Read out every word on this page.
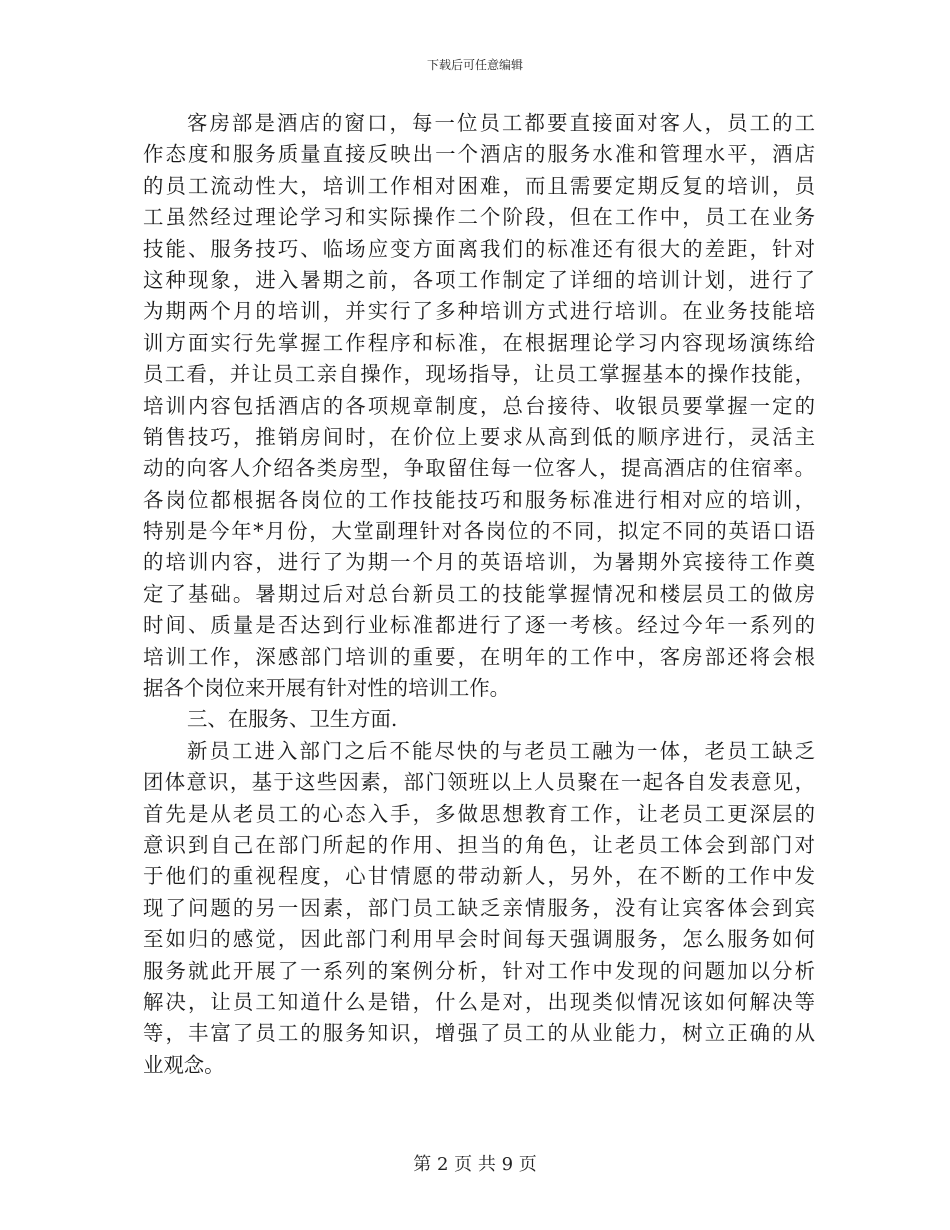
下载后可任意编辑
客房部是酒店的窗口，每一位员工都要直接面对客人，员工的工
作态度和服务质量直接反映出一个酒店的服务水准和管理水平，酒店
的员工流动性大，培训工作相对困难，而且需要定期反复的培训，员
工虽然经过理论学习和实际操作二个阶段，但在工作中，员工在业务
技能、服务技巧、临场应变方面离我们的标准还有很大的差距，针对
这种现象，进入暑期之前，各项工作制定了详细的培训计划，进行了
为期两个月的培训，并实行了多种培训方式进行培训。在业务技能培
训方面实行先掌握工作程序和标准，在根据理论学习内容现场演练给
员工看，并让员工亲自操作，现场指导，让员工掌握基本的操作技能，
培训内容包括酒店的各项规章制度，总台接待、收银员要掌握一定的
销售技巧，推销房间时，在价位上要求从高到低的顺序进行，灵活主
动的向客人介绍各类房型，争取留住每一位客人，提高酒店的住宿率。
各岗位都根据各岗位的工作技能技巧和服务标准进行相对应的培训，
特别是今年*月份，大堂副理针对各岗位的不同，拟定不同的英语口语
的培训内容，进行了为期一个月的英语培训，为暑期外宾接待工作奠
定了基础。暑期过后对总台新员工的技能掌握情况和楼层员工的做房
时间、质量是否达到行业标准都进行了逐一考核。经过今年一系列的
培训工作，深感部门培训的重要，在明年的工作中，客房部还将会根
据各个岗位来开展有针对性的培训工作。
三、在服务、卫生方面.
新员工进入部门之后不能尽快的与老员工融为一体，老员工缺乏
团体意识，基于这些因素，部门领班以上人员聚在一起各自发表意见，
首先是从老员工的心态入手，多做思想教育工作，让老员工更深层的
意识到自己在部门所起的作用、担当的角色，让老员工体会到部门对
于他们的重视程度，心甘情愿的带动新人，另外，在不断的工作中发
现了问题的另一因素，部门员工缺乏亲情服务，没有让宾客体会到宾
至如归的感觉，因此部门利用早会时间每天强调服务，怎么服务如何
服务就此开展了一系列的案例分析，针对工作中发现的问题加以分析
解决，让员工知道什么是错，什么是对，出现类似情况该如何解决等
等，丰富了员工的服务知识，增强了员工的从业能力，树立正确的从
业观念。
第 2 页 共 9 页
